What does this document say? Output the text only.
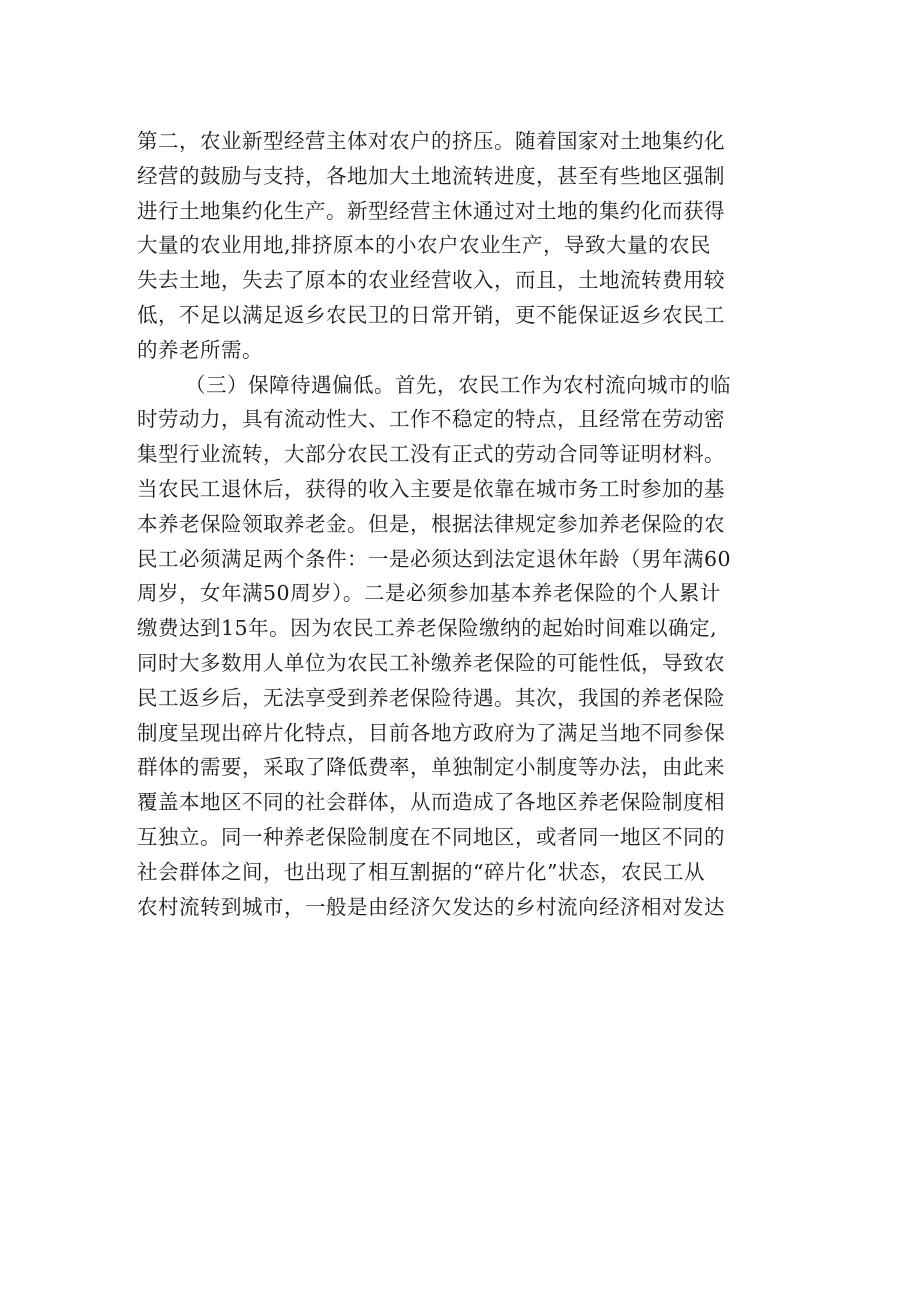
第二，农业新型经营主体对农户的挤压。随着国家对土地集约化
经营的鼓励与支持，各地加大土地流转进度，甚至有些地区强制
进行土地集约化生产。新型经营主休通过对土地的集约化而获得
大量的农业用地,排挤原本的小农户农业生产，导致大量的农民
失去土地，失去了原本的农业经营收入，而且，土地流转费用较
低，不足以满足返乡农民卫的日常开销，更不能保证返乡农民工
的养老所需。
（三）保障待遇偏低。首先，农民工作为农村流向城市的临
时劳动力，具有流动性大、工作不稳定的特点，且经常在劳动密
集型行业流转，大部分农民工没有正式的劳动合同等证明材料。
当农民工退休后，获得的收入主要是依靠在城市务工时参加的基
本养老保险领取养老金。但是，根据法律规定参加养老保险的农
民工必须满足两个条件：一是必须达到法定退休年龄（男年满60
周岁，女年满50周岁）。二是必须参加基本养老保险的个人累计
缴费达到15年。因为农民工养老保险缴纳的起始时间难以确定,
同时大多数用人单位为农民工补缴养老保险的可能性低，导致农
民工返乡后，无法享受到养老保险待遇。其次，我国的养老保险
制度呈现出碎片化特点，目前各地方政府为了满足当地不同参保
群体的需要，采取了降低费率，单独制定小制度等办法，由此来
覆盖本地区不同的社会群体，从而造成了各地区养老保险制度相
互独立。同一种养老保险制度在不同地区，或者同一地区不同的
社会群体之间，也出现了相互割据的“碎片化”状态，农民工从
农村流转到城市，一般是由经济欠发达的乡村流向经济相对发达
